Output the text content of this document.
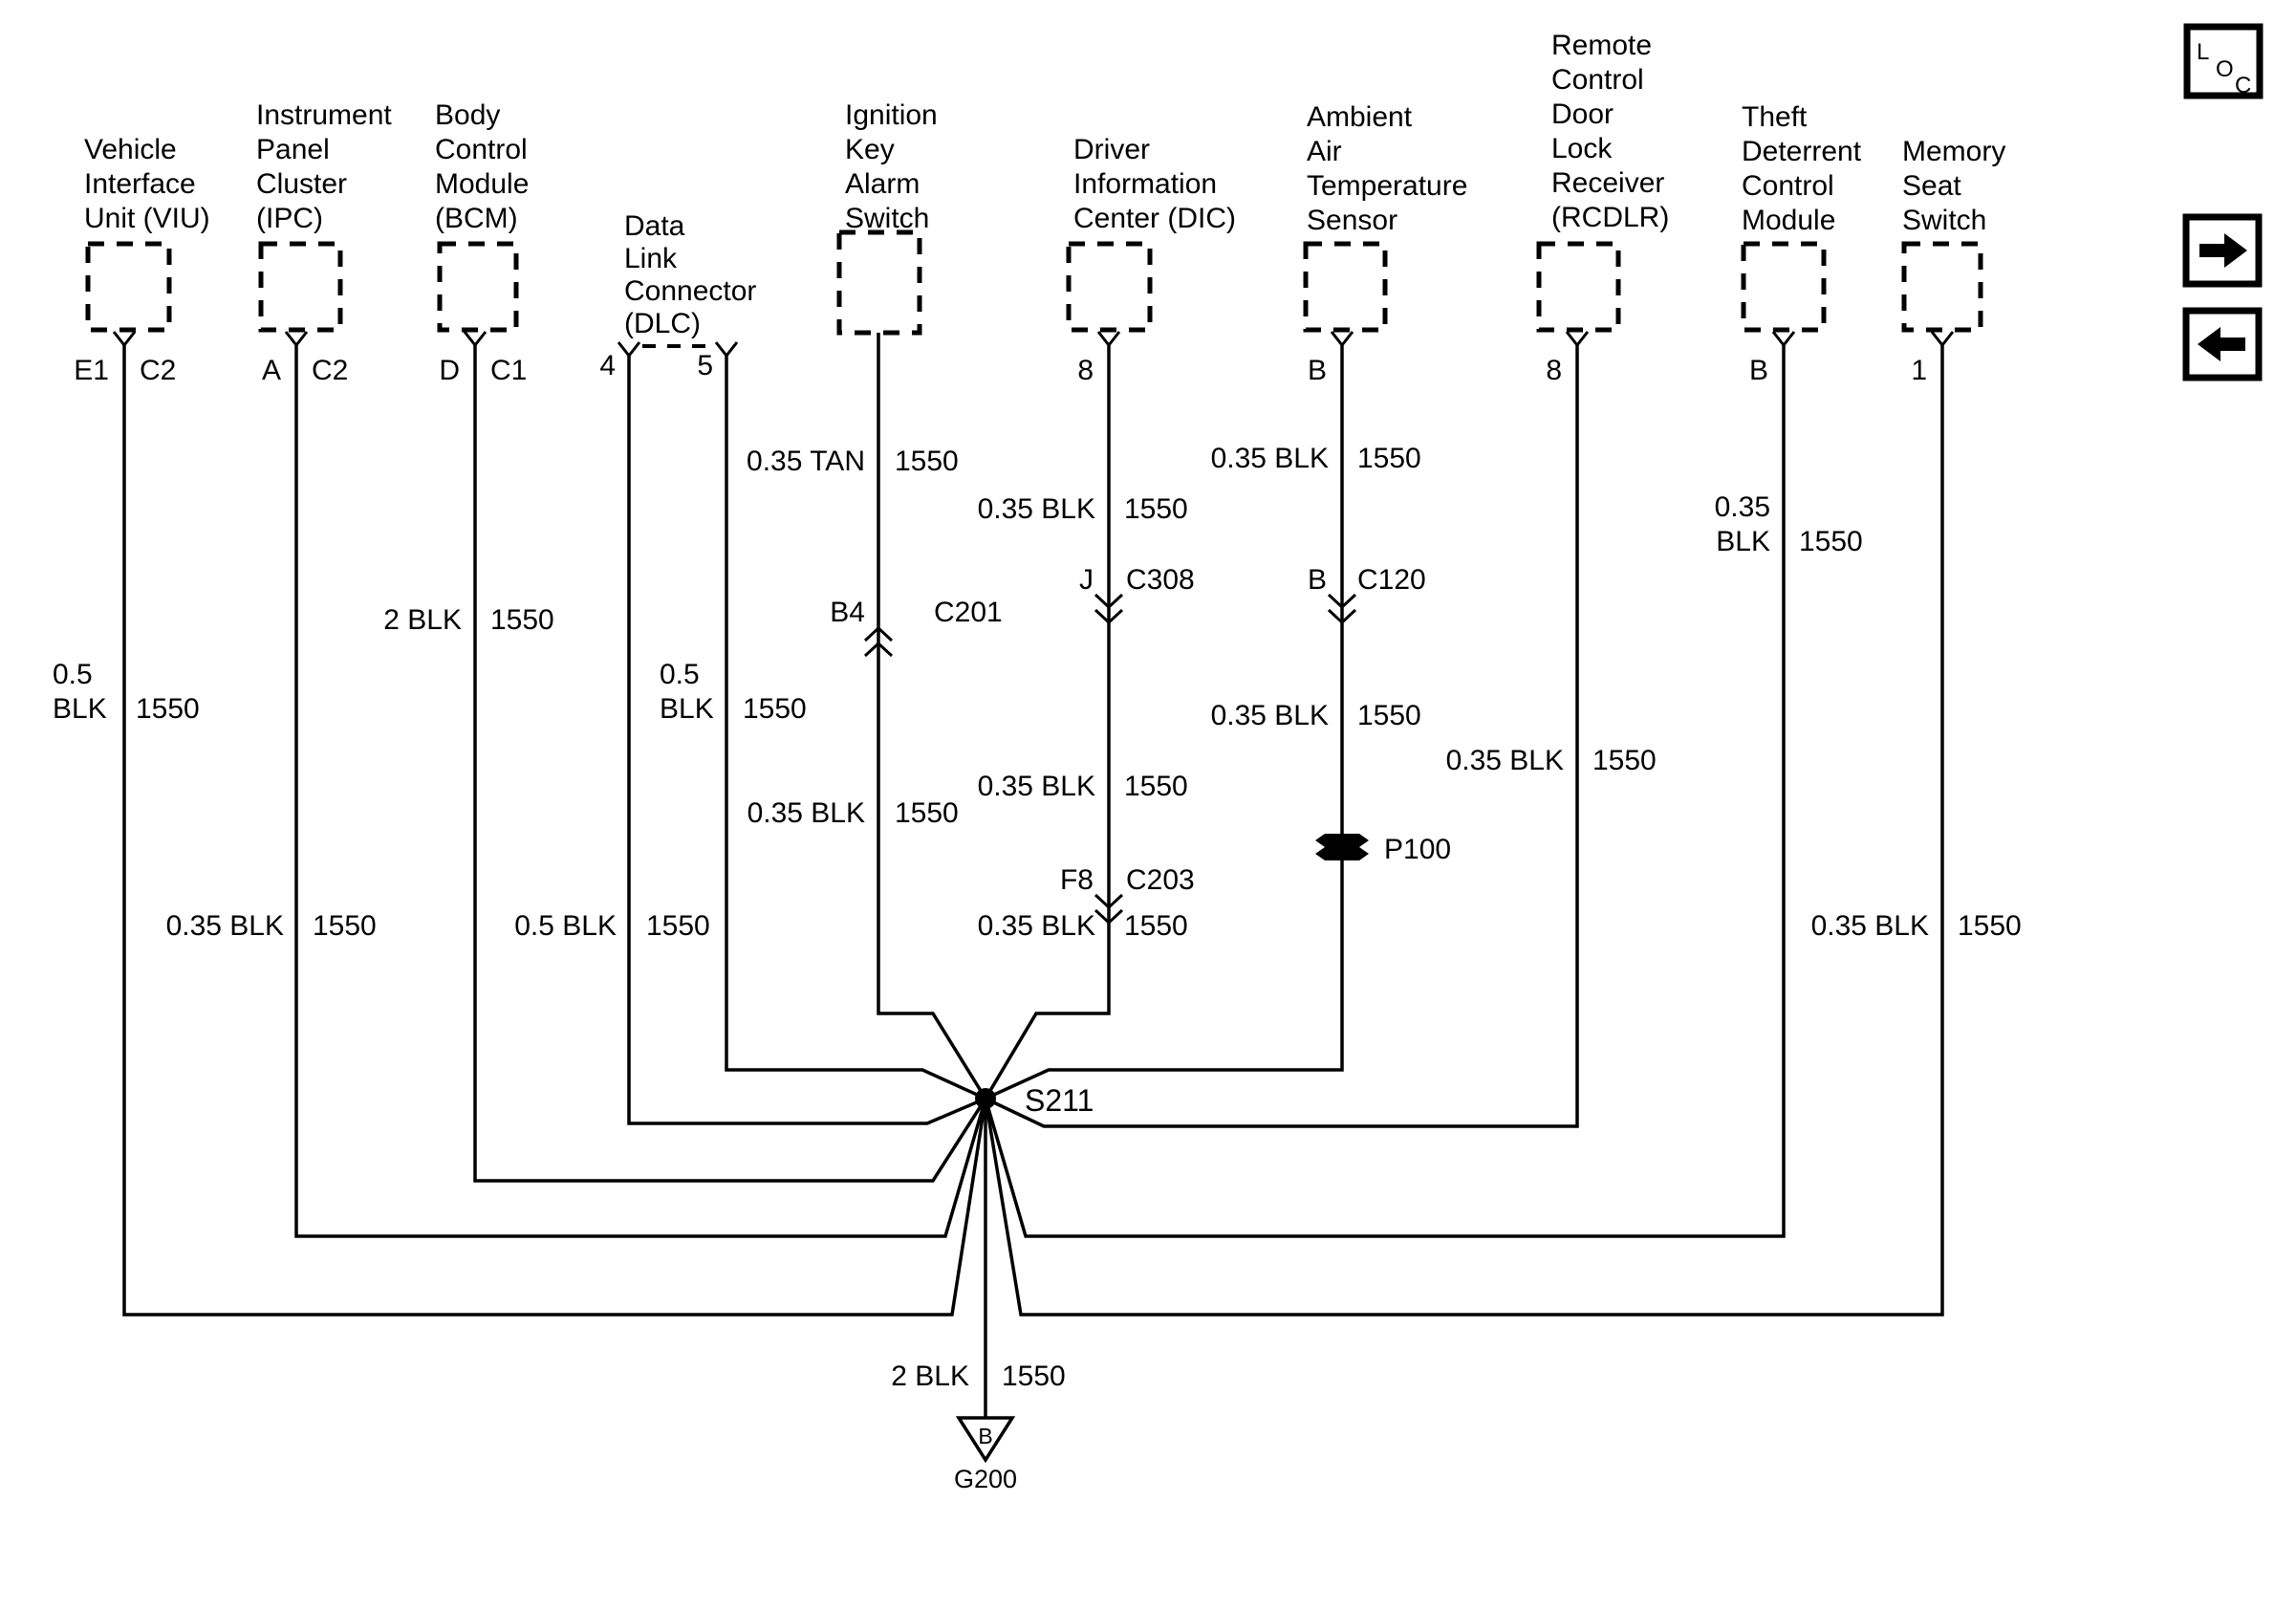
Vehicle
Interface
Unit (VIU)
E1 C2
Instrument
Panel
Cluster
(IPC)
A C2
Body
Control
Module
(BCM)
D C1
Data
Link
Connector
(DLC)
4	5
Ignition
Key
Alarm
Switch
Driver
Information
Center (DIC)
8
Ambient
Air
Temperature
Sensor
B
Remote
Control
Door
Lock
Receiver
(RCDLR)
8
Theft
Deterrent
Control
Module
B
Memory
Seat
Switch
1
0.35 TAN 1550
B4 C201
0.35 BLK 1550
0.35 BLK 1550
J C308
0.35 BLK 1550
F8 C203
0.35 BLK 1550
0.35 BLK 1550
B C120
0.35 BLK 1550
P100
0.35 BLK 1550
0.35
BLK 1550
2 BLK 1550
0.5
BLK 1550
0.5
BLK 1550
0.35 BLK 1550	0.5 BLK 1550	0.35 BLK 1550
S211
2 BLK 1550
B
G200
L
O
C
